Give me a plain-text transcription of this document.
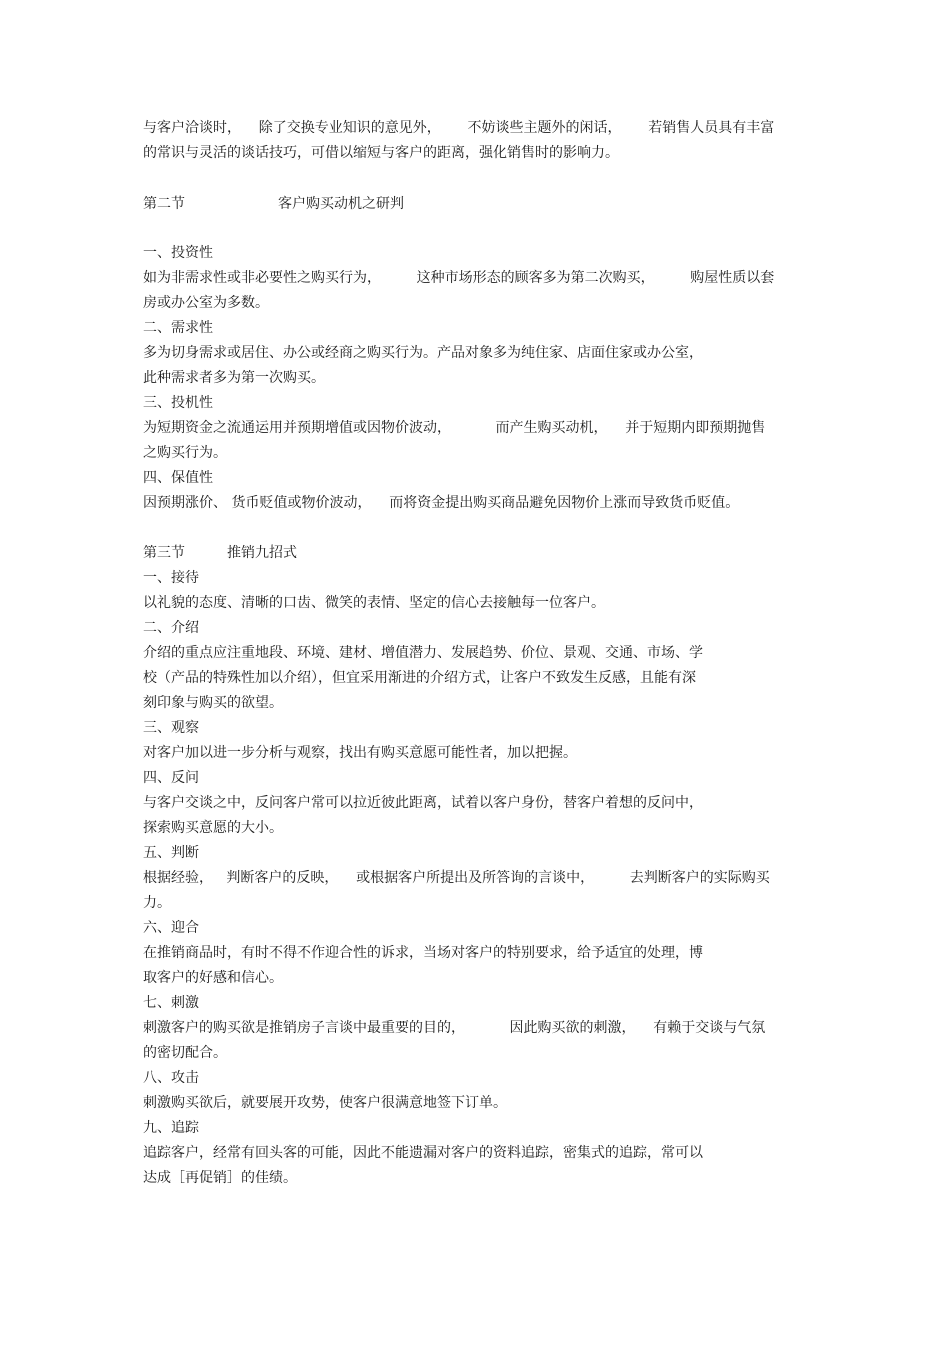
与客户洽谈时，    除了交换专业知识的意见外，      不妨谈些主题外的闲话，      若销售人员具有丰富

的常识与灵活的谈话技巧，可借以缩短与客户的距离，强化销售时的影响力。

第二节	客户购买动机之研判

一、投资性

如为非需求性或非必要性之购买行为，        这种市场形态的顾客多为第二次购买，        购屋性质以套

房或办公室为多数。

二、需求性

多为切身需求或居住、办公或经商之购买行为。产品对象多为纯住家、店面住家或办公室，

此种需求者多为第一次购买。

三、投机性

为短期资金之流通运用并预期增值或因物价波动，          而产生购买动机，    并于短期内即预期抛售

之购买行为。

四、保值性

因预期涨价、 货币贬值或物价波动，    而将资金提出购买商品避免因物价上涨而导致货币贬值。

第三节	推销九招式

一、接待

以礼貌的态度、清晰的口齿、微笑的表情、坚定的信心去接触每一位客户。

二、介绍

介绍的重点应注重地段、环境、建材、增值潜力、发展趋势、价位、景观、交通、市场、学

校（产品的特殊性加以介绍），但宜采用渐进的介绍方式，让客户不致发生反感，且能有深

刻印象与购买的欲望。

三、观察

对客户加以进一步分析与观察，找出有购买意愿可能性者，加以把握。

四、反问

与客户交谈之中，反问客户常可以拉近彼此距离，试着以客户身份，替客户着想的反问中，

探索购买意愿的大小。

五、判断

根据经验，   判断客户的反映，    或根据客户所提出及所答询的言谈中，        去判断客户的实际购买

力。

六、迎合

在推销商品时，有时不得不作迎合性的诉求，当场对客户的特别要求，给予适宜的处理，博

取客户的好感和信心。

七、刺激

刺激客户的购买欲是推销房子言谈中最重要的目的，          因此购买欲的刺激，    有赖于交谈与气氛

的密切配合。

八、攻击

刺激购买欲后，就要展开攻势，使客户很满意地签下订单。

九、追踪

追踪客户，经常有回头客的可能，因此不能遗漏对客户的资料追踪，密集式的追踪，常可以

达成［再促销］的佳绩。
